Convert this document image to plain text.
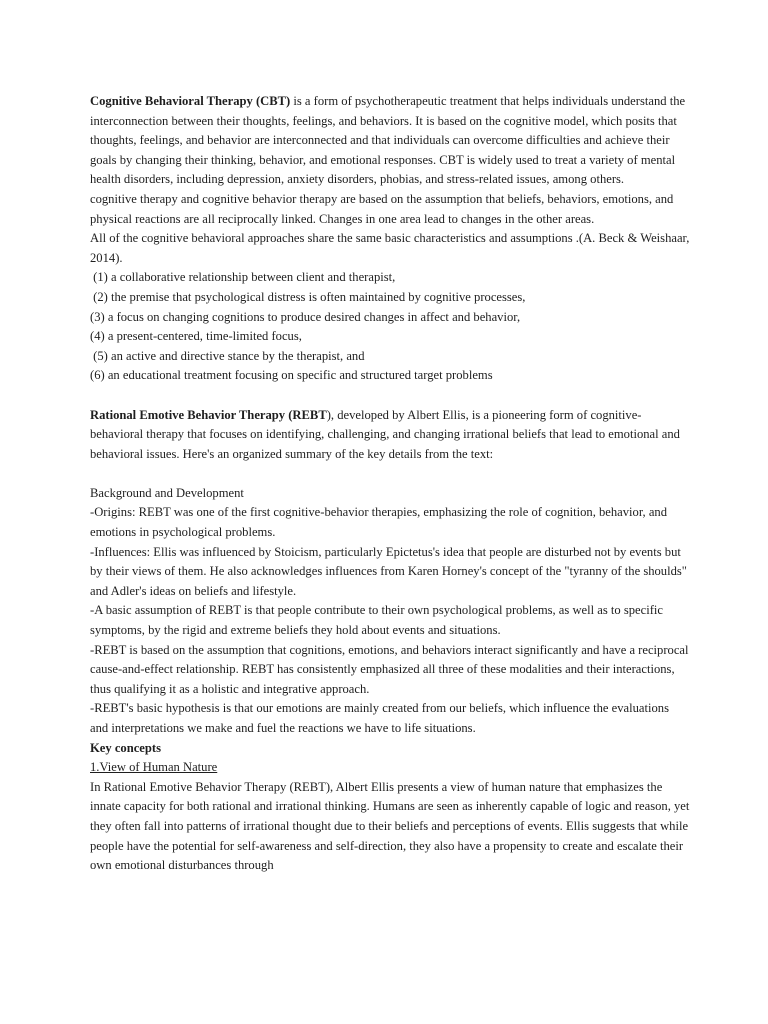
Cognitive Behavioral Therapy (CBT) is a form of psychotherapeutic treatment that helps individuals understand the interconnection between their thoughts, feelings, and behaviors. It is based on the cognitive model, which posits that thoughts, feelings, and behavior are interconnected and that individuals can overcome difficulties and achieve their goals by changing their thinking, behavior, and emotional responses. CBT is widely used to treat a variety of mental health disorders, including depression, anxiety disorders, phobias, and stress-related issues, among others.

cognitive therapy and cognitive behavior therapy are based on the assumption that beliefs, behaviors, emotions, and physical reactions are all reciprocally linked. Changes in one area lead to changes in the other areas.

All of the cognitive behavioral approaches share the same basic characteristics and assumptions .(A. Beck & Weishaar, 2014).

(1) a collaborative relationship between client and therapist,

(2) the premise that psychological distress is often maintained by cognitive processes,

(3) a focus on changing cognitions to produce desired changes in affect and behavior,

(4) a present-centered, time-limited focus,

(5) an active and directive stance by the therapist, and

(6) an educational treatment focusing on specific and structured target problems

Rational Emotive Behavior Therapy (REBT), developed by Albert Ellis, is a pioneering form of cognitive-behavioral therapy that focuses on identifying, challenging, and changing irrational beliefs that lead to emotional and behavioral issues. Here's an organized summary of the key details from the text:

Background and Development

-Origins: REBT was one of the first cognitive-behavior therapies, emphasizing the role of cognition, behavior, and emotions in psychological problems.

-Influences: Ellis was influenced by Stoicism, particularly Epictetus's idea that people are disturbed not by events but by their views of them. He also acknowledges influences from Karen Horney's concept of the "tyranny of the shoulds" and Adler's ideas on beliefs and lifestyle.

-A basic assumption of REBT is that people contribute to their own psychological problems, as well as to specific symptoms, by the rigid and extreme beliefs they hold about events and situations.

-REBT is based on the assumption that cognitions, emotions, and behaviors interact significantly and have a reciprocal cause-and-effect relationship. REBT has consistently emphasized all three of these modalities and their interactions, thus qualifying it as a holistic and integrative approach.

-REBT's basic hypothesis is that our emotions are mainly created from our beliefs, which influence the evaluations and interpretations we make and fuel the reactions we have to life situations.

Key concepts

1.View of Human Nature

In Rational Emotive Behavior Therapy (REBT), Albert Ellis presents a view of human nature that emphasizes the innate capacity for both rational and irrational thinking. Humans are seen as inherently capable of logic and reason, yet they often fall into patterns of irrational thought due to their beliefs and perceptions of events. Ellis suggests that while people have the potential for self-awareness and self-direction, they also have a propensity to create and escalate their own emotional disturbances through
